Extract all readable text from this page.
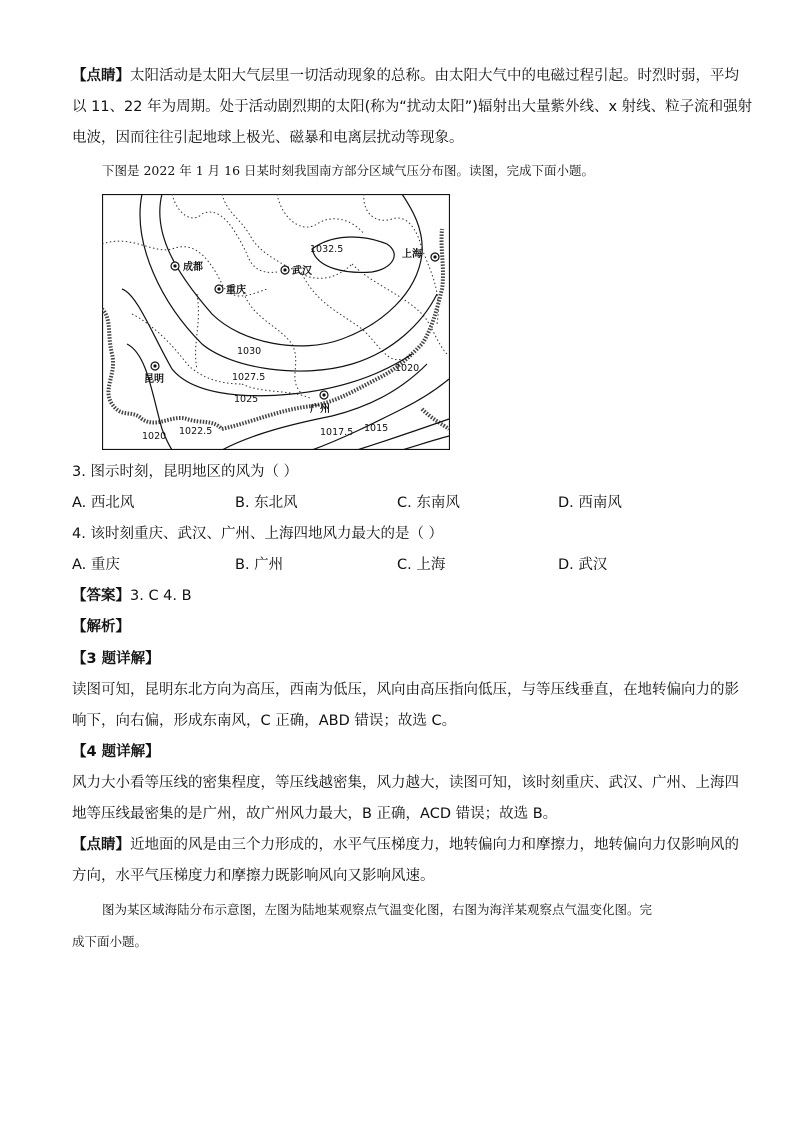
【点睛】太阳活动是太阳大气层里一切活动现象的总称。由太阳大气中的电磁过程引起。时烈时弱，平均
以 11、22 年为周期。处于活动剧烈期的太阳(称为“扰动太阳”)辐射出大量紫外线、x 射线、粒子流和强射
电波，因而往往引起地球上极光、磁暴和电离层扰动等现象。
下图是 2022 年 1 月 16 日某时刻我国南方部分区域气压分布图。读图，完成下面小题。
成都	武汉
重庆
上海
昆明
广州
1032.5
1030
1027.5
1025
1022.5
1020
1020
1017.5 1015
3. 图示时刻，昆明地区的风为（ ）
A. 西北风	B. 东北风	C. 东南风	D. 西南风
4. 该时刻重庆、武汉、广州、上海四地风力最大的是（ ）
A. 重庆	B. 广州	C. 上海	D. 武汉
【答案】3. C 4. B
【解析】
【3 题详解】
读图可知，昆明东北方向为高压，西南为低压，风向由高压指向低压，与等压线垂直，在地转偏向力的影
响下，向右偏，形成东南风，C 正确，ABD 错误；故选 C。
【4 题详解】
风力大小看等压线的密集程度，等压线越密集，风力越大，读图可知，该时刻重庆、武汉、广州、上海四
地等压线最密集的是广州，故广州风力最大，B 正确，ACD 错误；故选 B。
【点睛】近地面的风是由三个力形成的，水平气压梯度力，地转偏向力和摩擦力，地转偏向力仅影响风的
方向，水平气压梯度力和摩擦力既影响风向又影响风速。
图为某区域海陆分布示意图，左图为陆地某观察点气温变化图，右图为海洋某观察点气温变化图。完
成下面小题。
